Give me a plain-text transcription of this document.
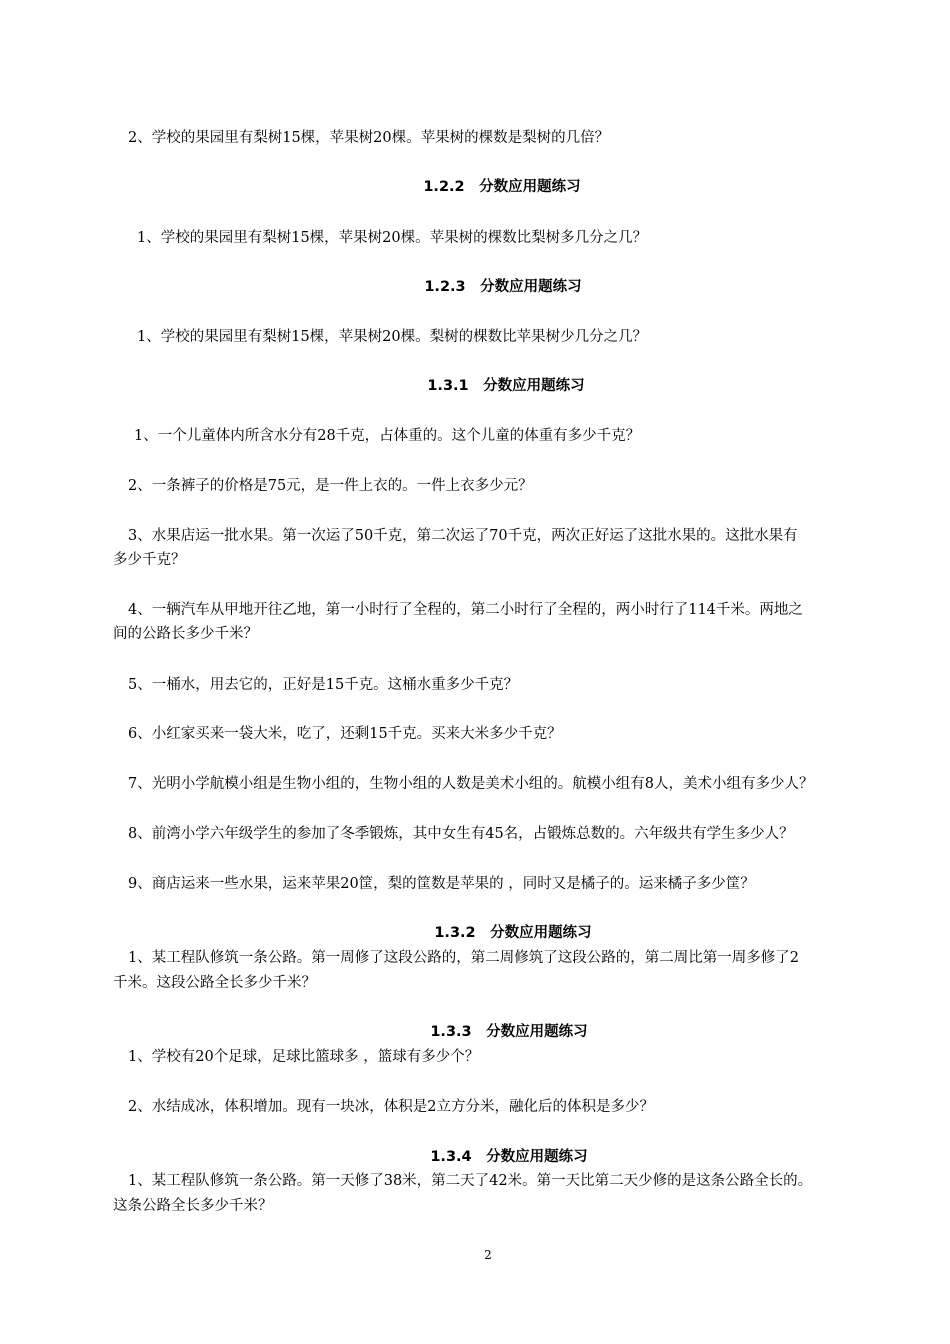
2、学校的果园里有梨树15棵，苹果树20棵。苹果树的棵数是梨树的几倍？
1.2.2　分数应用题练习
1、学校的果园里有梨树15棵，苹果树20棵。苹果树的棵数比梨树多几分之几？
1.2.3　分数应用题练习
1、学校的果园里有梨树15棵，苹果树20棵。梨树的棵数比苹果树少几分之几？
1.3.1　分数应用题练习
1、一个儿童体内所含水分有28千克，占体重的。这个儿童的体重有多少千克？
2、一条裤子的价格是75元，是一件上衣的。一件上衣多少元？
3、水果店运一批水果。第一次运了50千克，第二次运了70千克，两次正好运了这批水果的。这批水果有
多少千克？
4、一辆汽车从甲地开往乙地，第一小时行了全程的，第二小时行了全程的，两小时行了114千米。两地之
间的公路长多少千米？
5、一桶水，用去它的，正好是15千克。这桶水重多少千克？
6、小红家买来一袋大米，吃了，还剩15千克。买来大米多少千克？
7、光明小学航模小组是生物小组的，生物小组的人数是美术小组的。航模小组有8人，美术小组有多少人？
8、前湾小学六年级学生的参加了冬季锻炼，其中女生有45名，占锻炼总数的。六年级共有学生多少人？
9、商店运来一些水果，运来苹果20筐，梨的筐数是苹果的 ，同时又是橘子的。运来橘子多少筐？
1.3.2　分数应用题练习
1、某工程队修筑一条公路。第一周修了这段公路的，第二周修筑了这段公路的，第二周比第一周多修了2
千米。这段公路全长多少千米？
1.3.3　分数应用题练习
1、学校有20个足球，足球比篮球多 ，篮球有多少个？
2、水结成冰，体积增加。现有一块冰，体积是2立方分米，融化后的体积是多少？
1.3.4　分数应用题练习
1、某工程队修筑一条公路。第一天修了38米，第二天了42米。第一天比第二天少修的是这条公路全长的。
这条公路全长多少千米？
2
